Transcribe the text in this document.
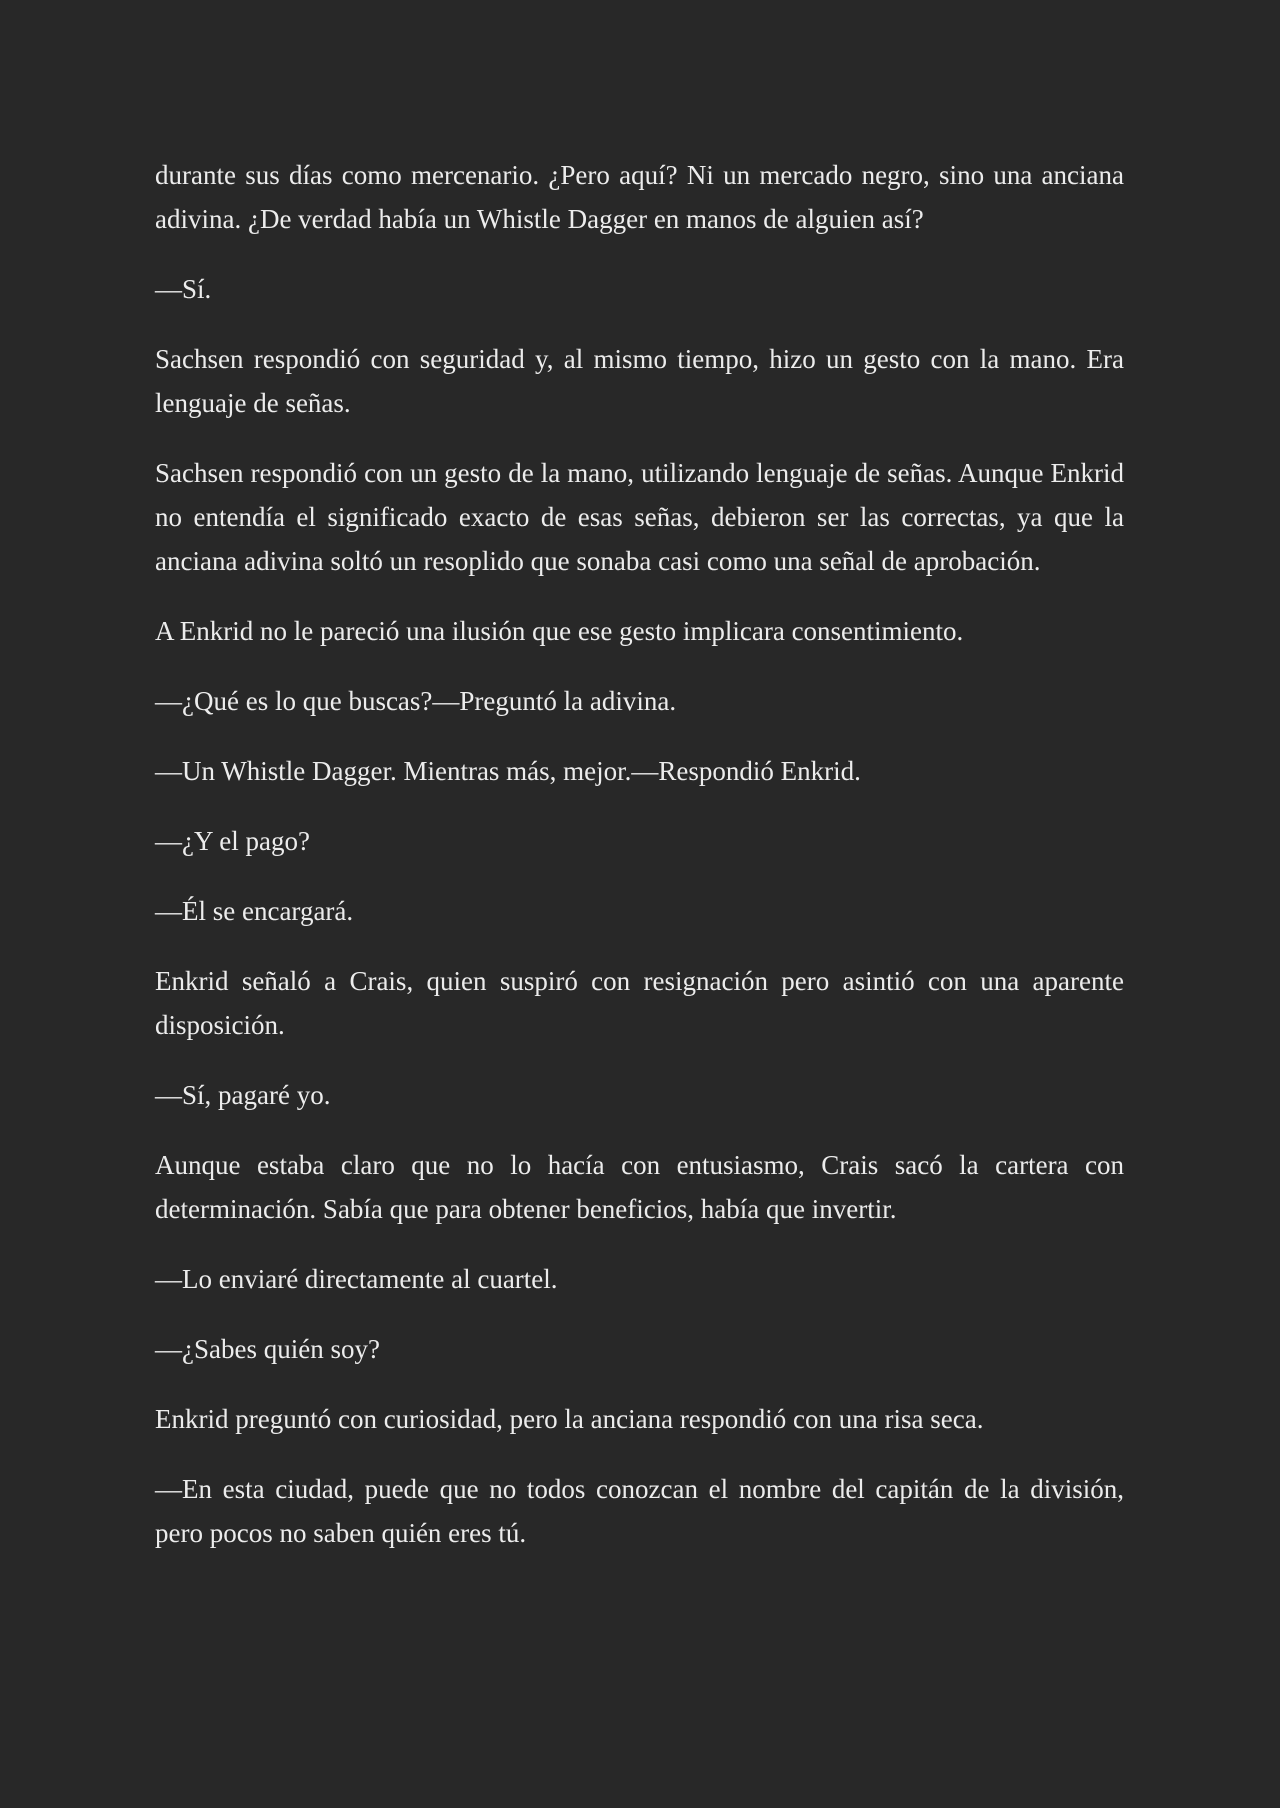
durante sus días como mercenario. ¿Pero aquí? Ni un mercado negro, sino una anciana adivina. ¿De verdad había un Whistle Dagger en manos de alguien así?

—Sí.

Sachsen respondió con seguridad y, al mismo tiempo, hizo un gesto con la mano. Era lenguaje de señas.

Sachsen respondió con un gesto de la mano, utilizando lenguaje de señas. Aunque Enkrid no entendía el significado exacto de esas señas, debieron ser las correctas, ya que la anciana adivina soltó un resoplido que sonaba casi como una señal de aprobación.

A Enkrid no le pareció una ilusión que ese gesto implicara consentimiento.

—¿Qué es lo que buscas?—Preguntó la adivina.

—Un Whistle Dagger. Mientras más, mejor.—Respondió Enkrid.

—¿Y el pago?

—Él se encargará.

Enkrid señaló a Crais, quien suspiró con resignación pero asintió con una aparente disposición.

—Sí, pagaré yo.

Aunque estaba claro que no lo hacía con entusiasmo, Crais sacó la cartera con determinación. Sabía que para obtener beneficios, había que invertir.

—Lo enviaré directamente al cuartel.

—¿Sabes quién soy?

Enkrid preguntó con curiosidad, pero la anciana respondió con una risa seca.

—En esta ciudad, puede que no todos conozcan el nombre del capitán de la división, pero pocos no saben quién eres tú.
